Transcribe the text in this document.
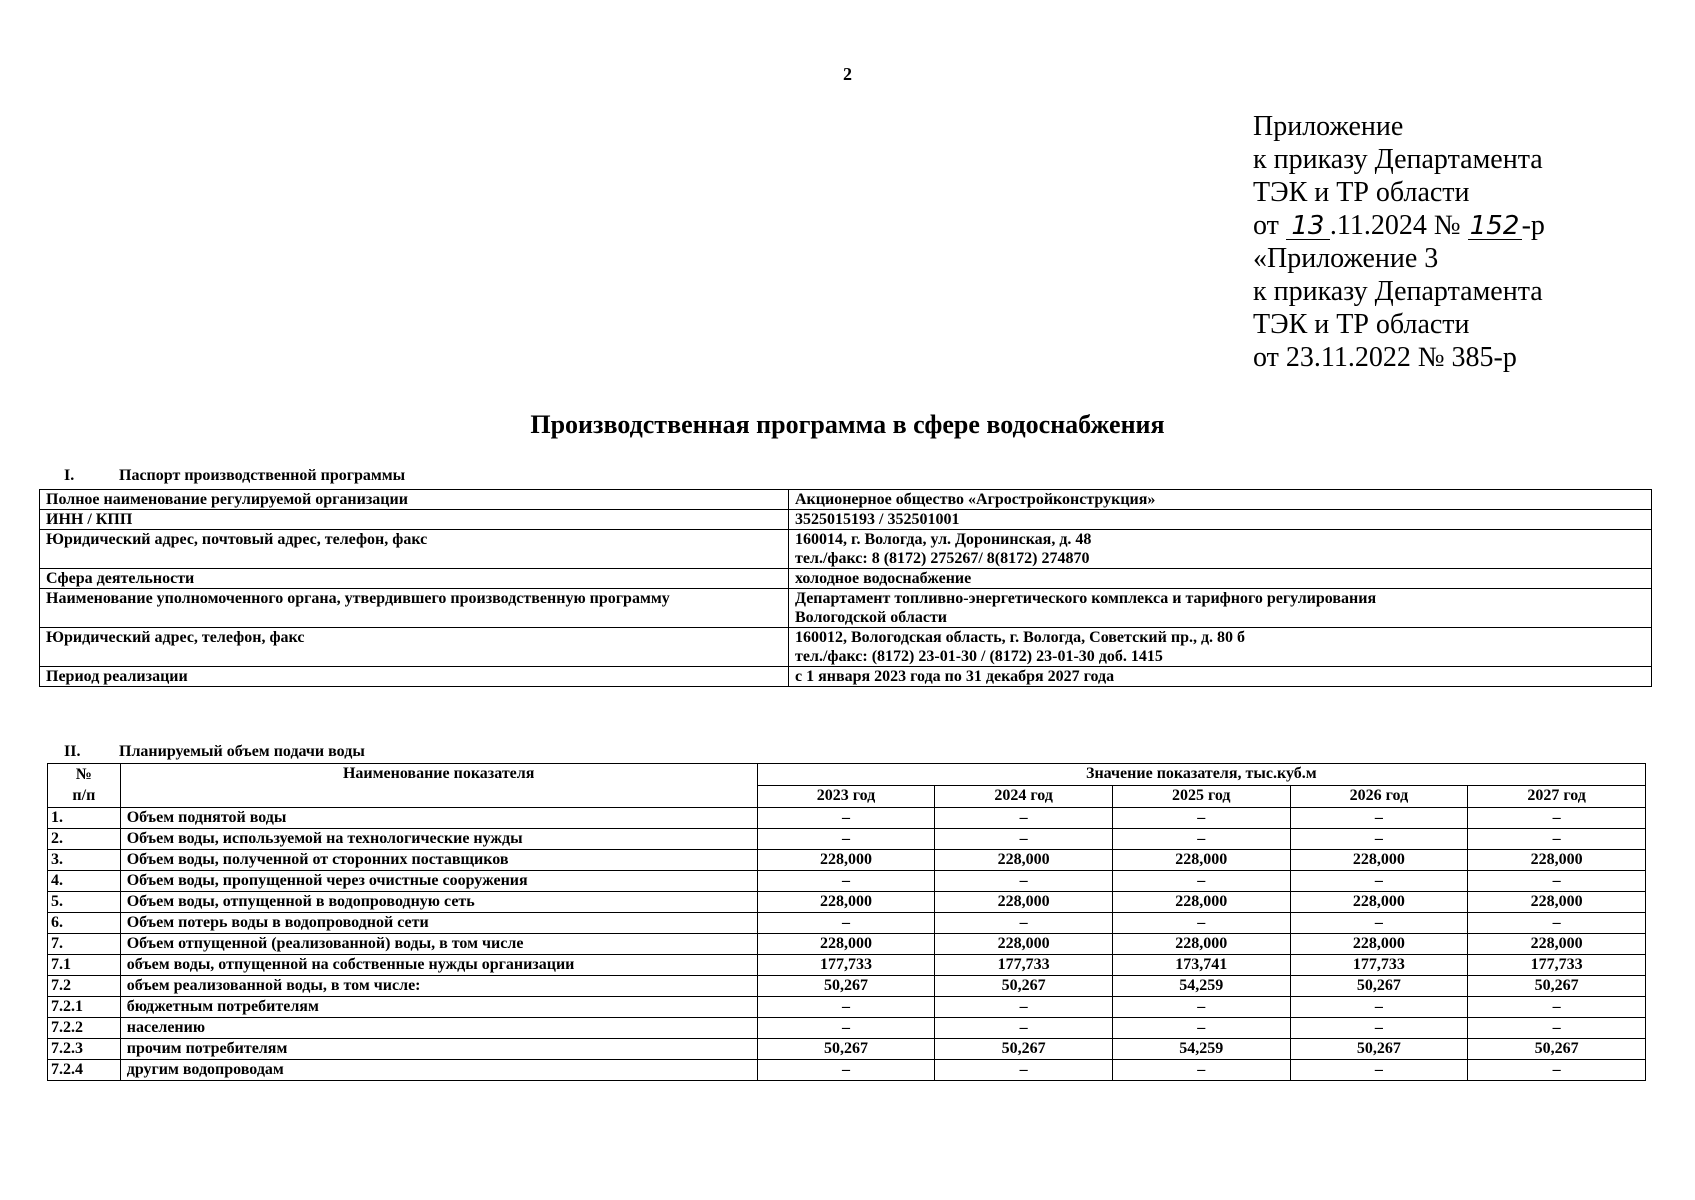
2
Приложение
к приказу Департамента
ТЭК и ТР области
от 13 .11.2024 № 152-р
«Приложение 3
к приказу Департамента
ТЭК и ТР области
от 23.11.2022 № 385-р
Производственная программа в сфере водоснабжения
I.	Паспорт производственной программы
Полное наименование регулируемой организации	Акционерное общество «Агростройконструкция»

ИНН / КПП	3525015193 / 352501001

Юридический адрес, почтовый адрес, телефон, факс	160014, г. Вологда, ул. Доронинская, д. 48
тел./факс: 8 (8172) 275267/ 8(8172) 274870

Сфера деятельности	холодное водоснабжение

Наименование уполномоченного органа, утвердившего производственную программу	Департамент топливно-энергетического комплекса и тарифного регулирования
Вологодской области

Юридический адрес, телефон, факс	160012, Вологодская область, г. Вологда, Советский пр., д. 80 б
тел./факс: (8172) 23-01-30 / (8172) 23-01-30 доб. 1415

Период реализации	с 1 января 2023 года по 31 декабря 2027 года
II. Планируемый объем подачи воды
№
п/п	Наименование показателя	Значение показателя, тыс.куб.м				
		2023 год	2024 год	2025 год	2026 год	2027 год
1.	Объем поднятой воды	–	–	–	–	–
2.	Объем воды, используемой на технологические нужды	–	–	–	–	–
3.	Объем воды, полученной от сторонних поставщиков	228,000	228,000	228,000	228,000	228,000
4.	Объем воды, пропущенной через очистные сооружения	–	–	–	–	–
5.	Объем воды, отпущенной в водопроводную сеть	228,000	228,000	228,000	228,000	228,000
6.	Объем потерь воды в водопроводной сети	–	–	–	–	–
7.	Объем отпущенной (реализованной) воды, в том числе	228,000	228,000	228,000	228,000	228,000
7.1	объем воды, отпущенной на собственные нужды организации	177,733	177,733	173,741	177,733	177,733
7.2	объем реализованной воды, в том числе:	50,267	50,267	54,259	50,267	50,267
7.2.1	бюджетным потребителям	–	–	–	–	–
7.2.2	населению	–	–	–	–	–
7.2.3	прочим потребителям	50,267	50,267	54,259	50,267	50,267
7.2.4	другим водопроводам	–	–	–	–	–
